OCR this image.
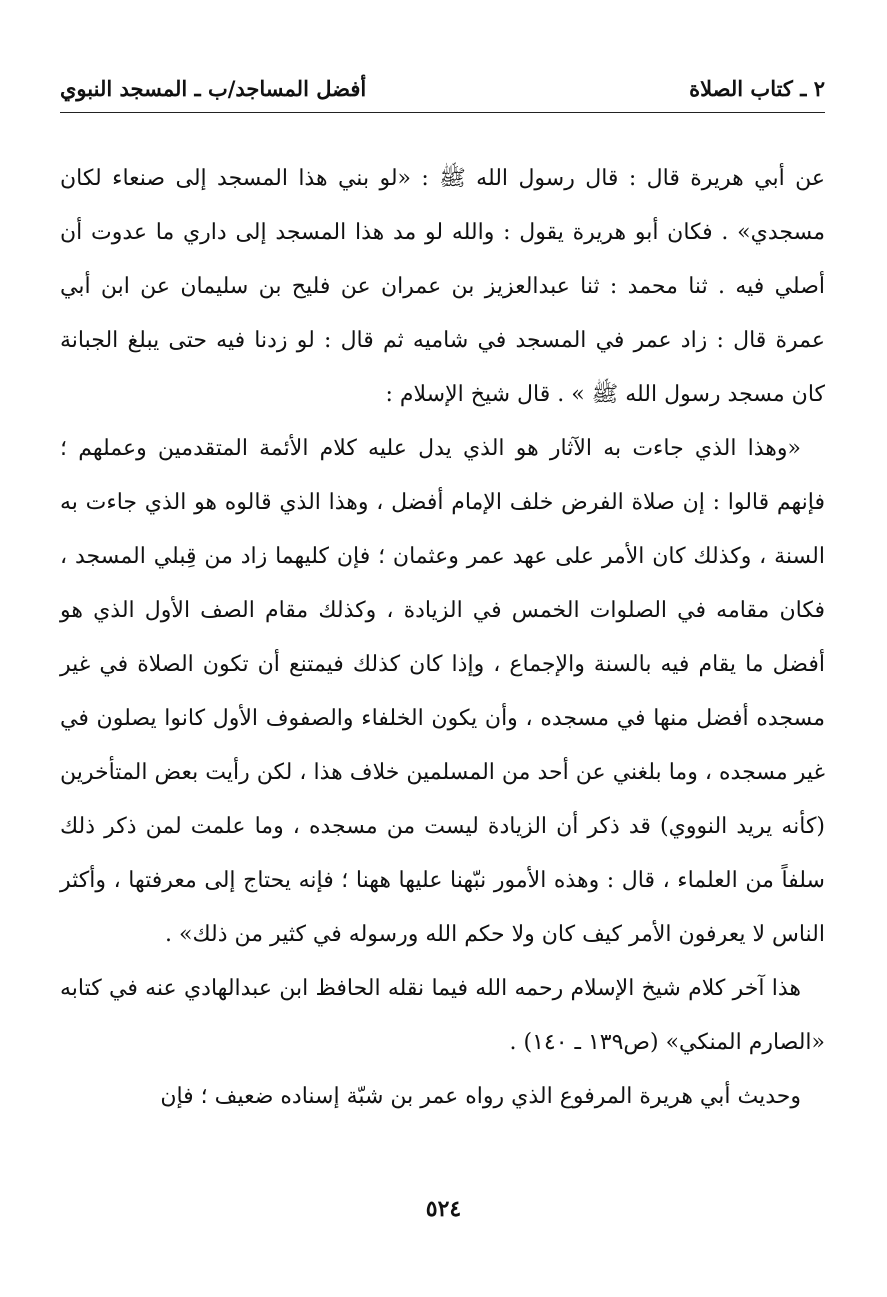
٢ ـ كتاب الصلاة
أفضل المساجد/ب ـ المسجد النبوي

عن أبي هريرة قال : قال رسول الله ﷺ : «لو بني هذا المسجد إلى صنعاء لكان مسجدي» . فكان أبو هريرة يقول : والله لو مد هذا المسجد إلى داري ما عدوت أن أصلي فيه . ثنا محمد : ثنا عبدالعزيز بن عمران عن فليح بن سليمان عن ابن أبي عمرة قال : زاد عمر في المسجد في شاميه ثم قال : لو زدنا فيه حتى يبلغ الجبانة كان مسجد رسول الله ﷺ » . قال شيخ الإسلام :

«وهذا الذي جاءت به الآثار هو الذي يدل عليه كلام الأئمة المتقدمين وعملهم ؛ فإنهم قالوا : إن صلاة الفرض خلف الإمام أفضل ، وهذا الذي قالوه هو الذي جاءت به السنة ، وكذلك كان الأمر على عهد عمر وعثمان ؛ فإن كليهما زاد من قِبلي المسجد ، فكان مقامه في الصلوات الخمس في الزيادة ، وكذلك مقام الصف الأول الذي هو أفضل ما يقام فيه بالسنة والإجماع ، وإذا كان كذلك فيمتنع أن تكون الصلاة في غير مسجده أفضل منها في مسجده ، وأن يكون الخلفاء والصفوف الأول كانوا يصلون في غير مسجده ، وما بلغني عن أحد من المسلمين خلاف هذا ، لكن رأيت بعض المتأخرين (كأنه يريد النووي) قد ذكر أن الزيادة ليست من مسجده ، وما علمت لمن ذكر ذلك سلفاً من العلماء ، قال : وهذه الأمور نبّهنا عليها ههنا ؛ فإنه يحتاج إلى معرفتها ، وأكثر الناس لا يعرفون الأمر كيف كان ولا حكم الله ورسوله في كثير من ذلك» .

هذا آخر كلام شيخ الإسلام رحمه الله فيما نقله الحافظ ابن عبدالهادي عنه في كتابه «الصارم المنكي» (ص١٣٩ ـ ١٤٠) .

وحديث أبي هريرة المرفوع الذي رواه عمر بن شبّة إسناده ضعيف ؛ فإن

٥٢٤
